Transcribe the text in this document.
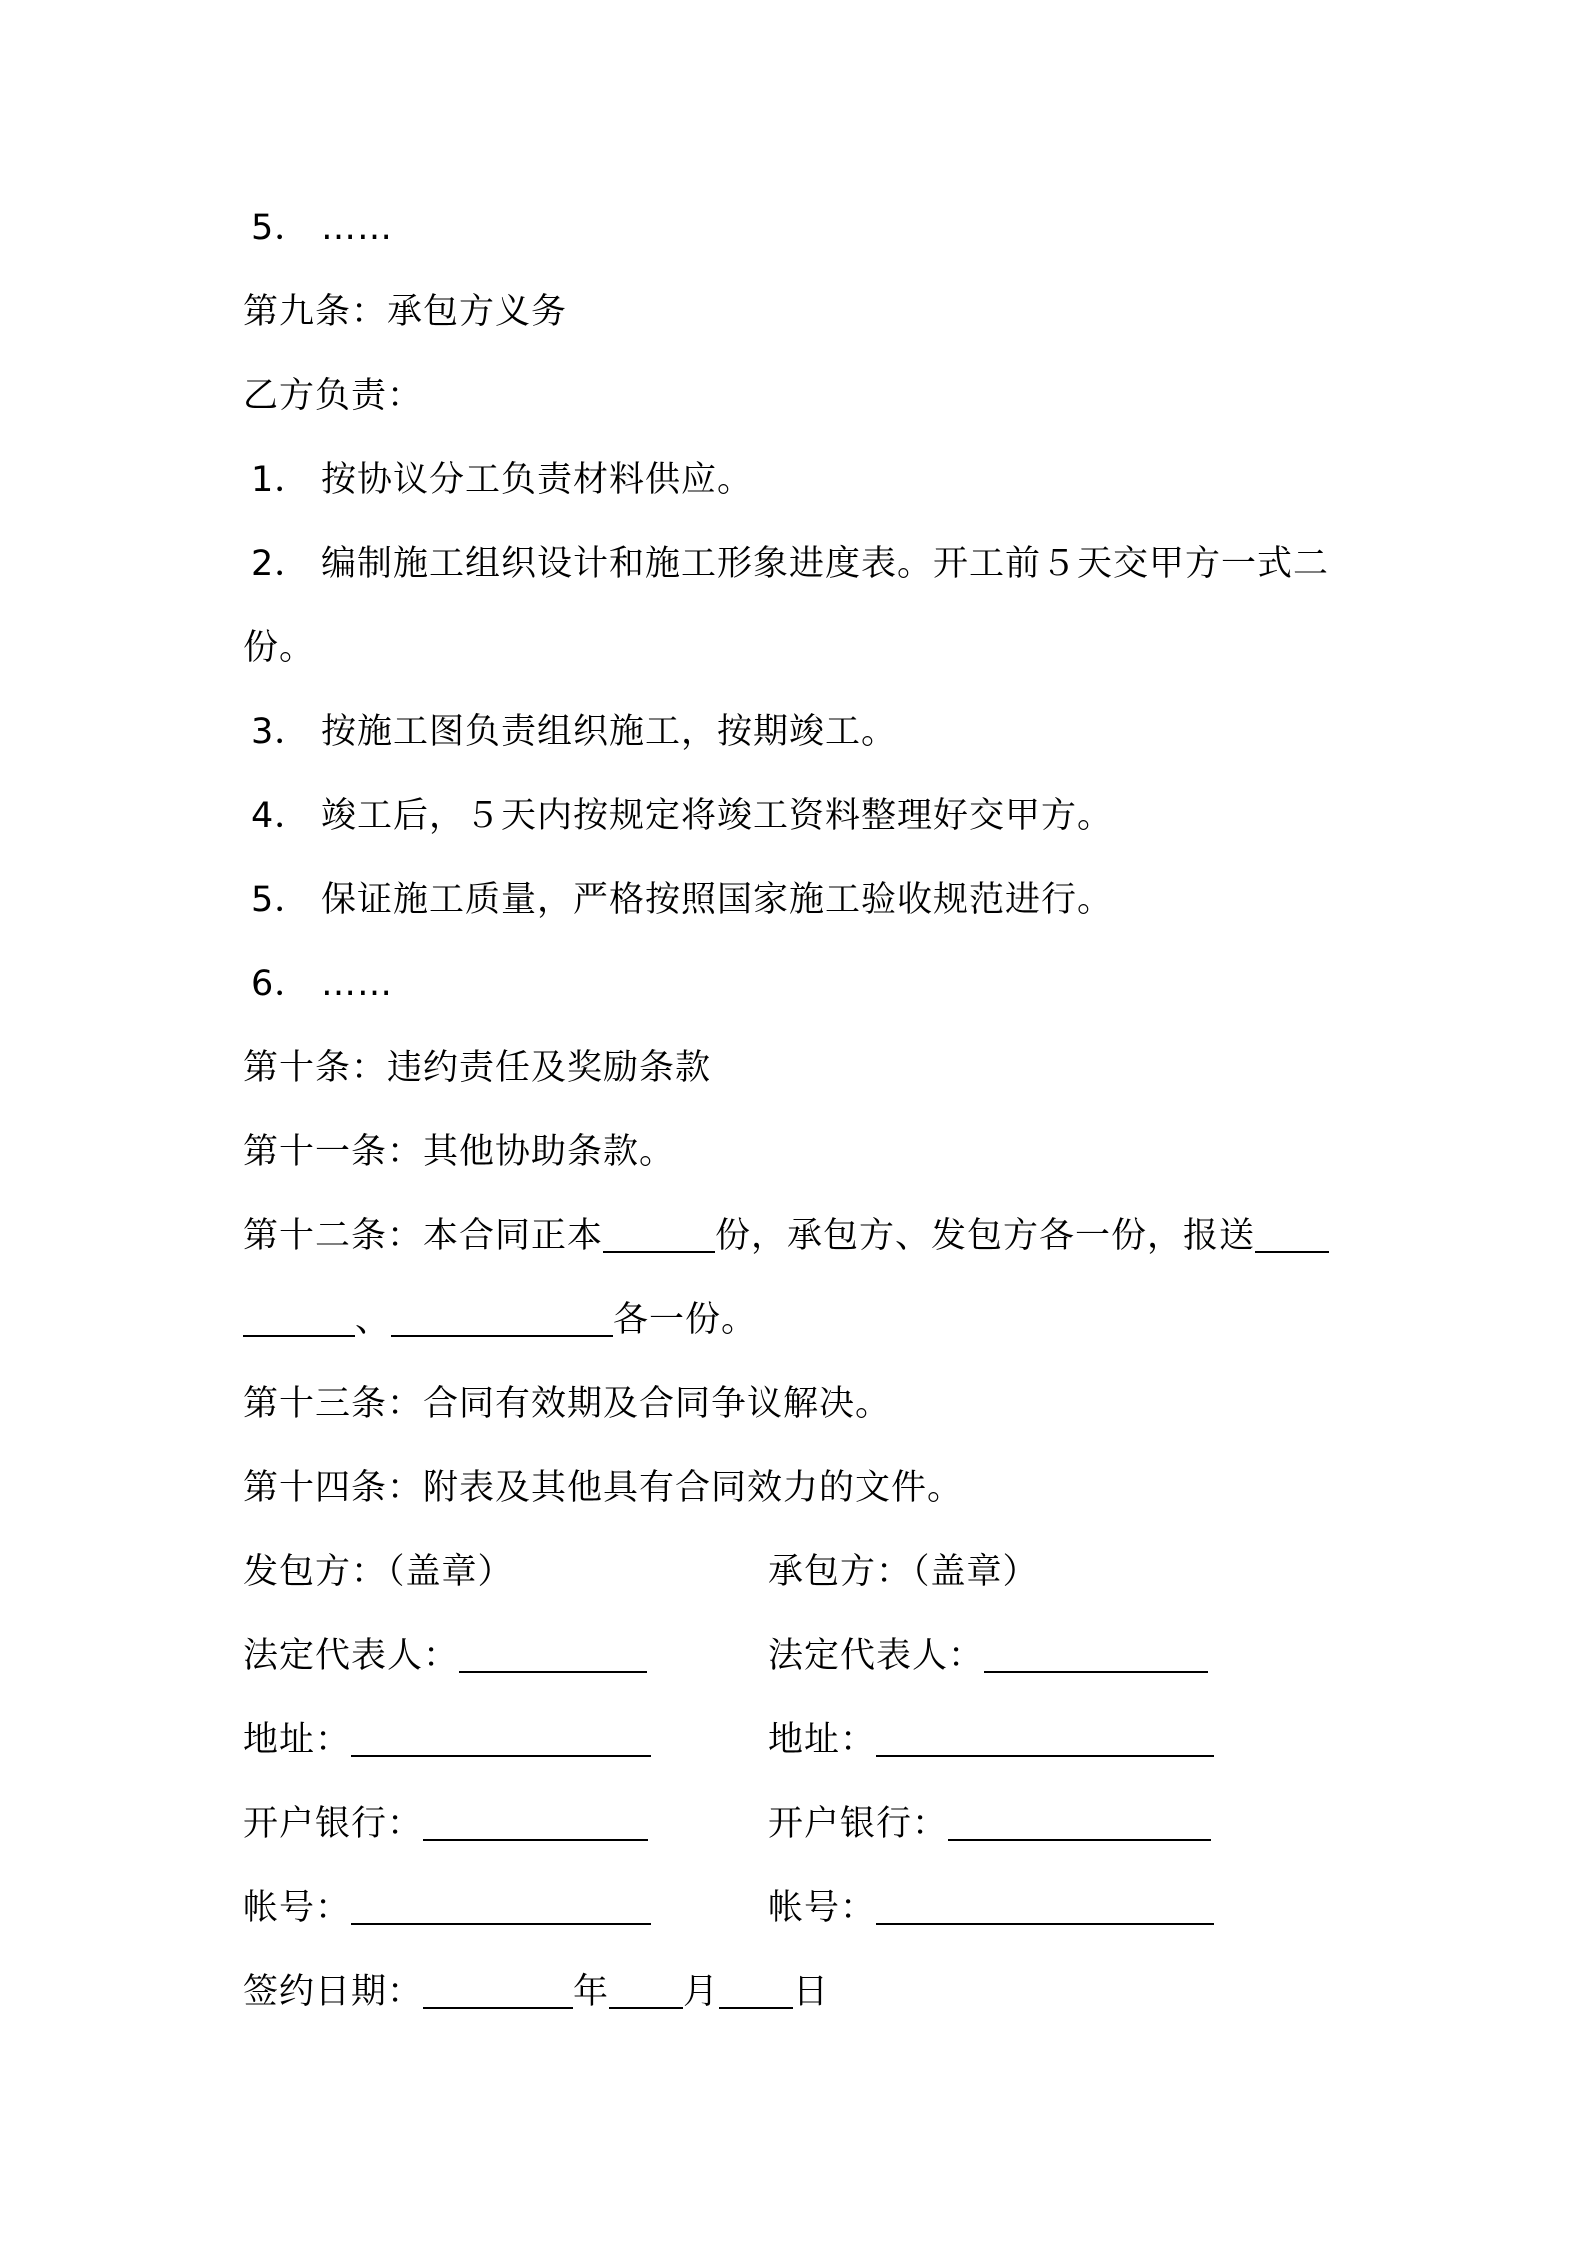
5． ……
第九条：承包方义务
乙方负责：
1． 按协议分工负责材料供应。
2． 编制施工组织设计和施工形象进度表。开工前５天交甲方一式二
份。
3． 按施工图负责组织施工，按期竣工。
4． 竣工后，５天内按规定将竣工资料整理好交甲方。
5． 保证施工质量，严格按照国家施工验收规范进行。
6． ……
第十条：违约责任及奖励条款
第十一条：其他协助条款。
第十二条：本合同正本	份，承包方、发包方各一份，报送
、	各一份。
第十三条：合同有效期及合同争议解决。
第十四条：附表及其他具有合同效力的文件。
发包方：（盖章）	承包方：（盖章）
法定代表人：	法定代表人：
地址：	地址：
开户银行：	开户银行：
帐号：	帐号：
签约日期：	年 月 日
